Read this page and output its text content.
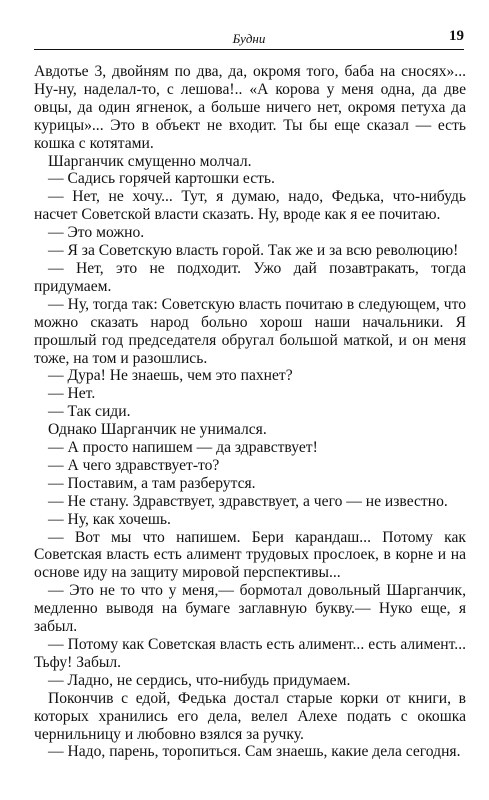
Будни	19

Авдотье 3, двойням по два, да, окромя того, баба на сносях»... Ну-ну, наделал-то, с лешова!.. «А корова у меня одна, да две овцы, да один ягненок, а больше ничего нет, окромя петуха да курицы»... Это в объект не входит. Ты бы еще сказал — есть кошка с котятами.

Шарганчик смущенно молчал.

— Садись горячей картошки есть.

— Нет, не хочу... Тут, я думаю, надо, Федька, что-нибудь насчет Советской власти сказать. Ну, вроде как я ее почитаю.

— Это можно.

— Я за Советскую власть горой. Так же и за всю революцию!

— Нет, это не подходит. Ужо дай позавтракать, тогда придумаем.

— Ну, тогда так: Советскую власть почитаю в следующем, что можно сказать народ больно хорош наши начальники. Я прошлый год председателя обругал большой маткой, и он меня тоже, на том и разошлись.

— Дура! Не знаешь, чем это пахнет?

— Нет.

— Так сиди.

Однако Шарганчик не унимался.

— А просто напишем — да здравствует!

— А чего здравствует-то?

— Поставим, а там разберутся.

— Не стану. Здравствует, здравствует, а чего — не известно.

— Ну, как хочешь.

— Вот мы что напишем. Бери карандаш... Потому как Советская власть есть алимент трудовых прослоек, в корне и на основе иду на защиту мировой перспективы...

— Это не то что у меня,— бормотал довольный Шарганчик, медленно выводя на бумаге заглавную букву.— Нуко еще, я забыл.

— Потому как Советская власть есть алимент... есть алимент... Тьфу! Забыл.

— Ладно, не сердись, что-нибудь придумаем.

Покончив с едой, Федька достал старые корки от книги, в которых хранились его дела, велел Алехе подать с окошка чернильницу и любовно взялся за ручку.

— Надо, парень, торопиться. Сам знаешь, какие дела сегодня.
